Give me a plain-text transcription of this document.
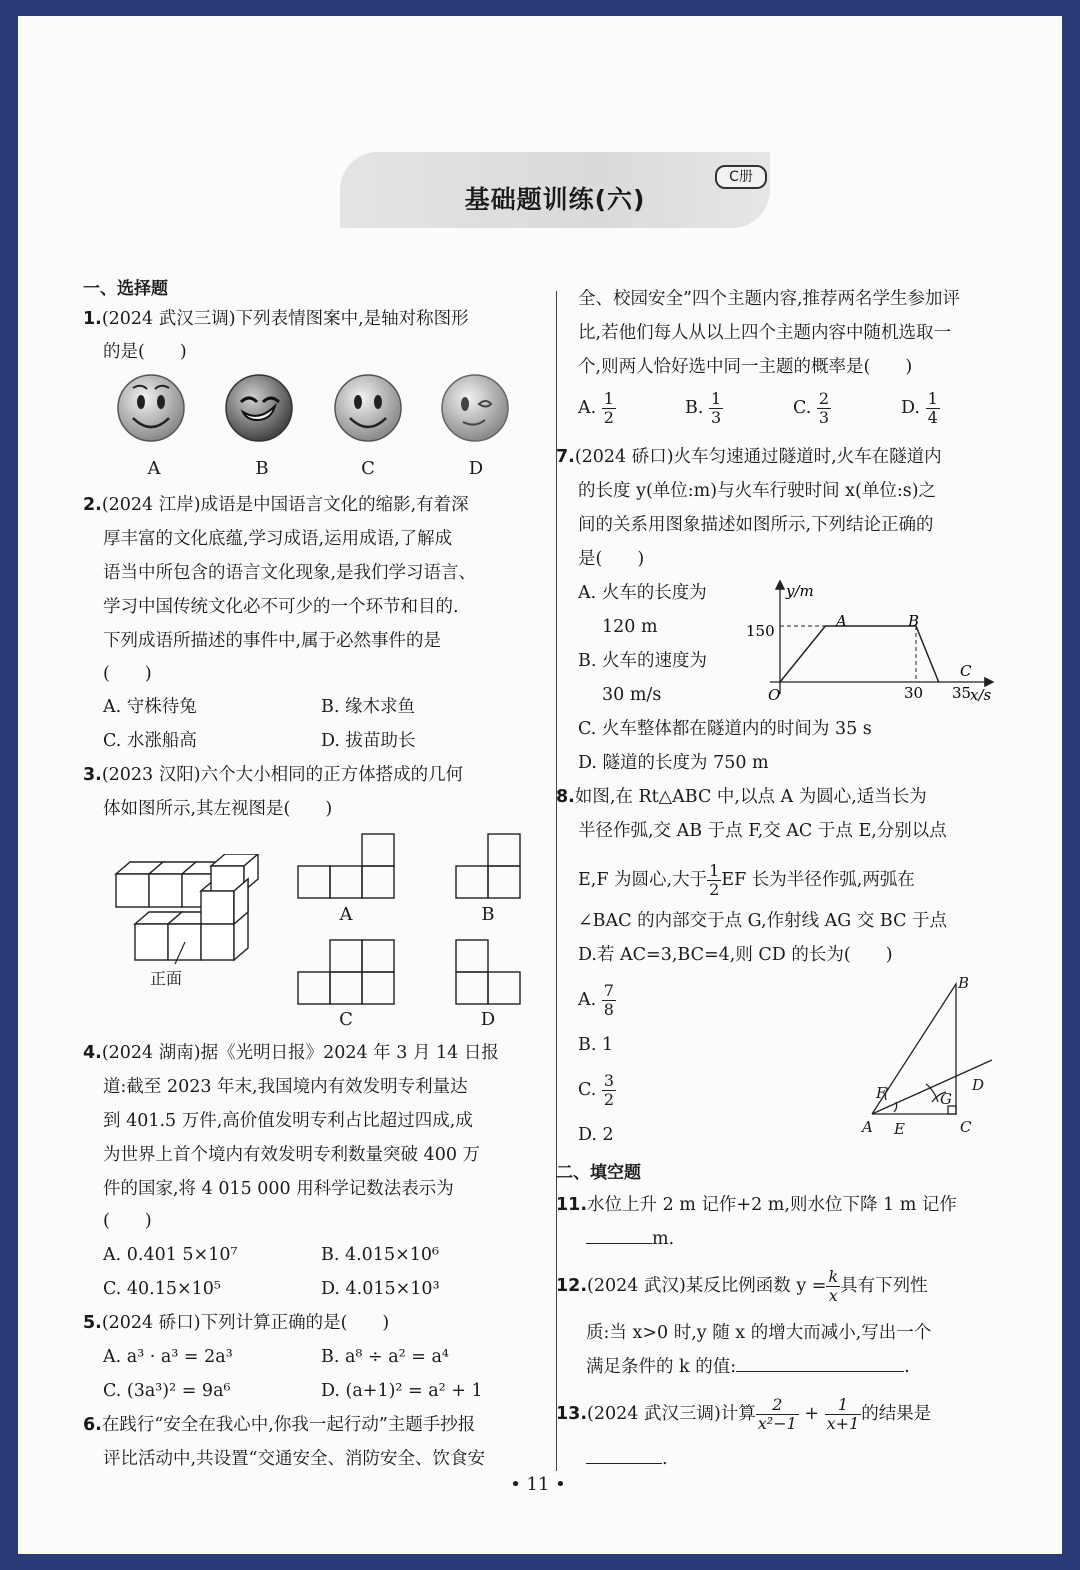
基础题训练(六)
C册
一、选择题
1.(2024 武汉三调)下列表情图案中,是轴对称图形
的是(　　)
A	B	C	D
2.(2024 江岸)成语是中国语言文化的缩影,有着深
厚丰富的文化底蕴,学习成语,运用成语,了解成
语当中所包含的语言文化现象,是我们学习语言、
学习中国传统文化必不可少的一个环节和目的.
下列成语所描述的事件中,属于必然事件的是
(　　)
A. 守株待兔	B. 缘木求鱼
C. 水涨船高	D. 拔苗助长
3.(2023 汉阳)六个大小相同的正方体搭成的几何
体如图所示,其左视图是(　　)
正面
A	B
C	D
4.(2024 湖南)据《光明日报》2024 年 3 月 14 日报
道:截至 2023 年末,我国境内有效发明专利量达
到 401.5 万件,高价值发明专利占比超过四成,成
为世界上首个境内有效发明专利数量突破 400 万
件的国家,将 4 015 000 用科学记数法表示为
(　　)
A. 0.401 5×10⁷	B. 4.015×10⁶
C. 40.15×10⁵	D. 4.015×10³
5.(2024 硚口)下列计算正确的是(　　)
A. a³ · a³ = 2a³	B. a⁸ ÷ a² = a⁴
C. (3a³)² = 9a⁶	D. (a+1)² = a² + 1
6.在践行“安全在我心中,你我一起行动”主题手抄报
评比活动中,共设置“交通安全、消防安全、饮食安
全、校园安全”四个主题内容,推荐两名学生参加评
比,若他们每人从以上四个主题内容中随机选取一
个,则两人恰好选中同一主题的概率是(　　)
A. $\frac{1}{2}$	B. $\frac{1}{3}$	C. $\frac{2}{3}$	D. $\frac{1}{4}$
7.(2024 硚口)火车匀速通过隧道时,火车在隧道内
的长度 y(单位:m)与火车行驶时间 x(单位:s)之
间的关系用图象描述如图所示,下列结论正确的
是(　　)
A. 火车的长度为
120 m
B. 火车的速度为
30 m/s
C. 火车整体都在隧道内的时间为 35 s
D. 隧道的长度为 750 m
y/m
x/s
O
150
30 35
A	B
C
8.如图,在 Rt△ABC 中,以点 A 为圆心,适当长为
半径作弧,交 AB 于点 F,交 AC 于点 E,分别以点
E,F 为圆心,大于 $\frac{1}{2}$ EF 长为半径作弧,两弧在
∠BAC 的内部交于点 G,作射线 AG 交 BC 于点
D.若 AC=3,BC=4,则 CD 的长为(　　)
A. $\frac{7}{8}$
B. 1
C. $\frac{3}{2}$
D. 2	A
B
C
D
E
F	G
二、填空题
11.水位上升 2 m 记作+2 m,则水位下降 1 m 记作
m.
12.(2024 武汉)某反比例函数 $y = \frac{k}{x}$ 具有下列性
质:当 x>0 时,y 随 x 的增大而减小,写出一个
满足条件的 k 的值:	.
13.(2024 武汉三调)计算 $\frac{2}{\text{x²−1}} + \frac{1}{x+1}$ 的结果是
.
• 11 •
